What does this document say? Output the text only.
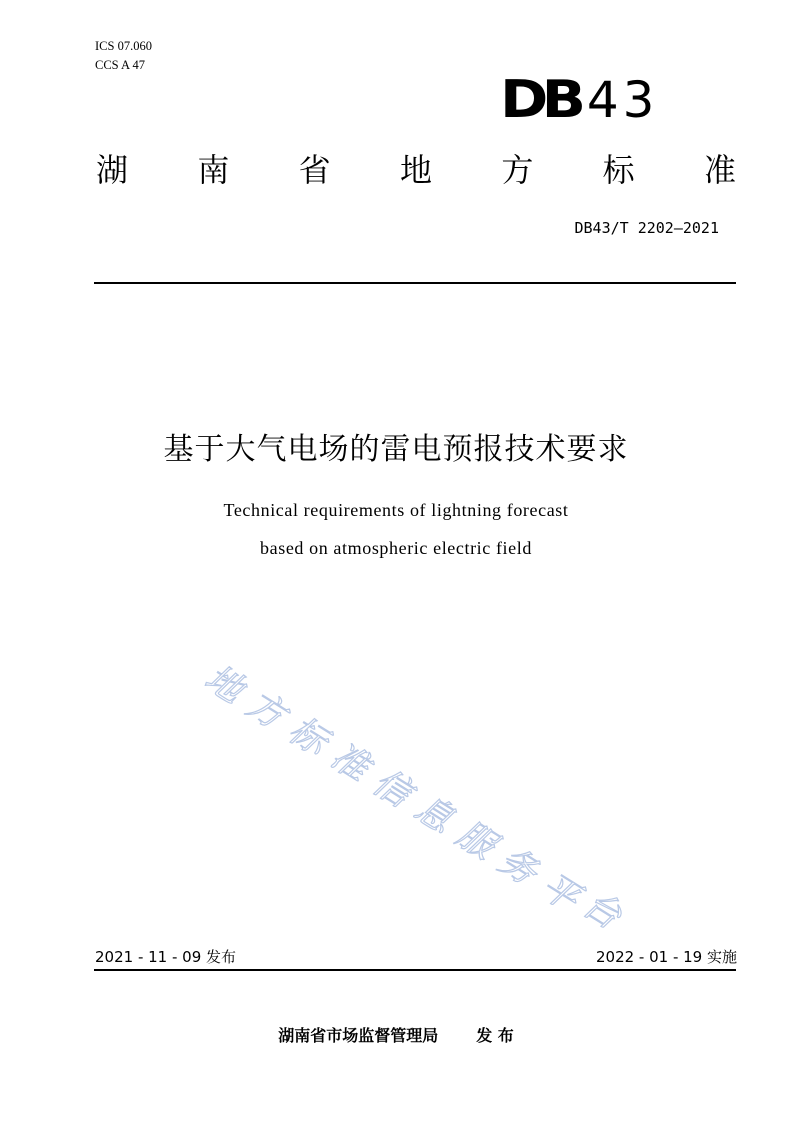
ICS 07.060
CCS A 47
DB 43
湖 南 省 地 方 标 准
DB43/T 2202—2021
基于大气电场的雷电预报技术要求
Technical requirements of lightning forecast
based on atmospheric electric field
地
方
标
准
信
息
服
务
平
台
2021 - 11 - 09 发布	2022 - 01 - 19 实施
湖南省市场监督管理局 发 布
